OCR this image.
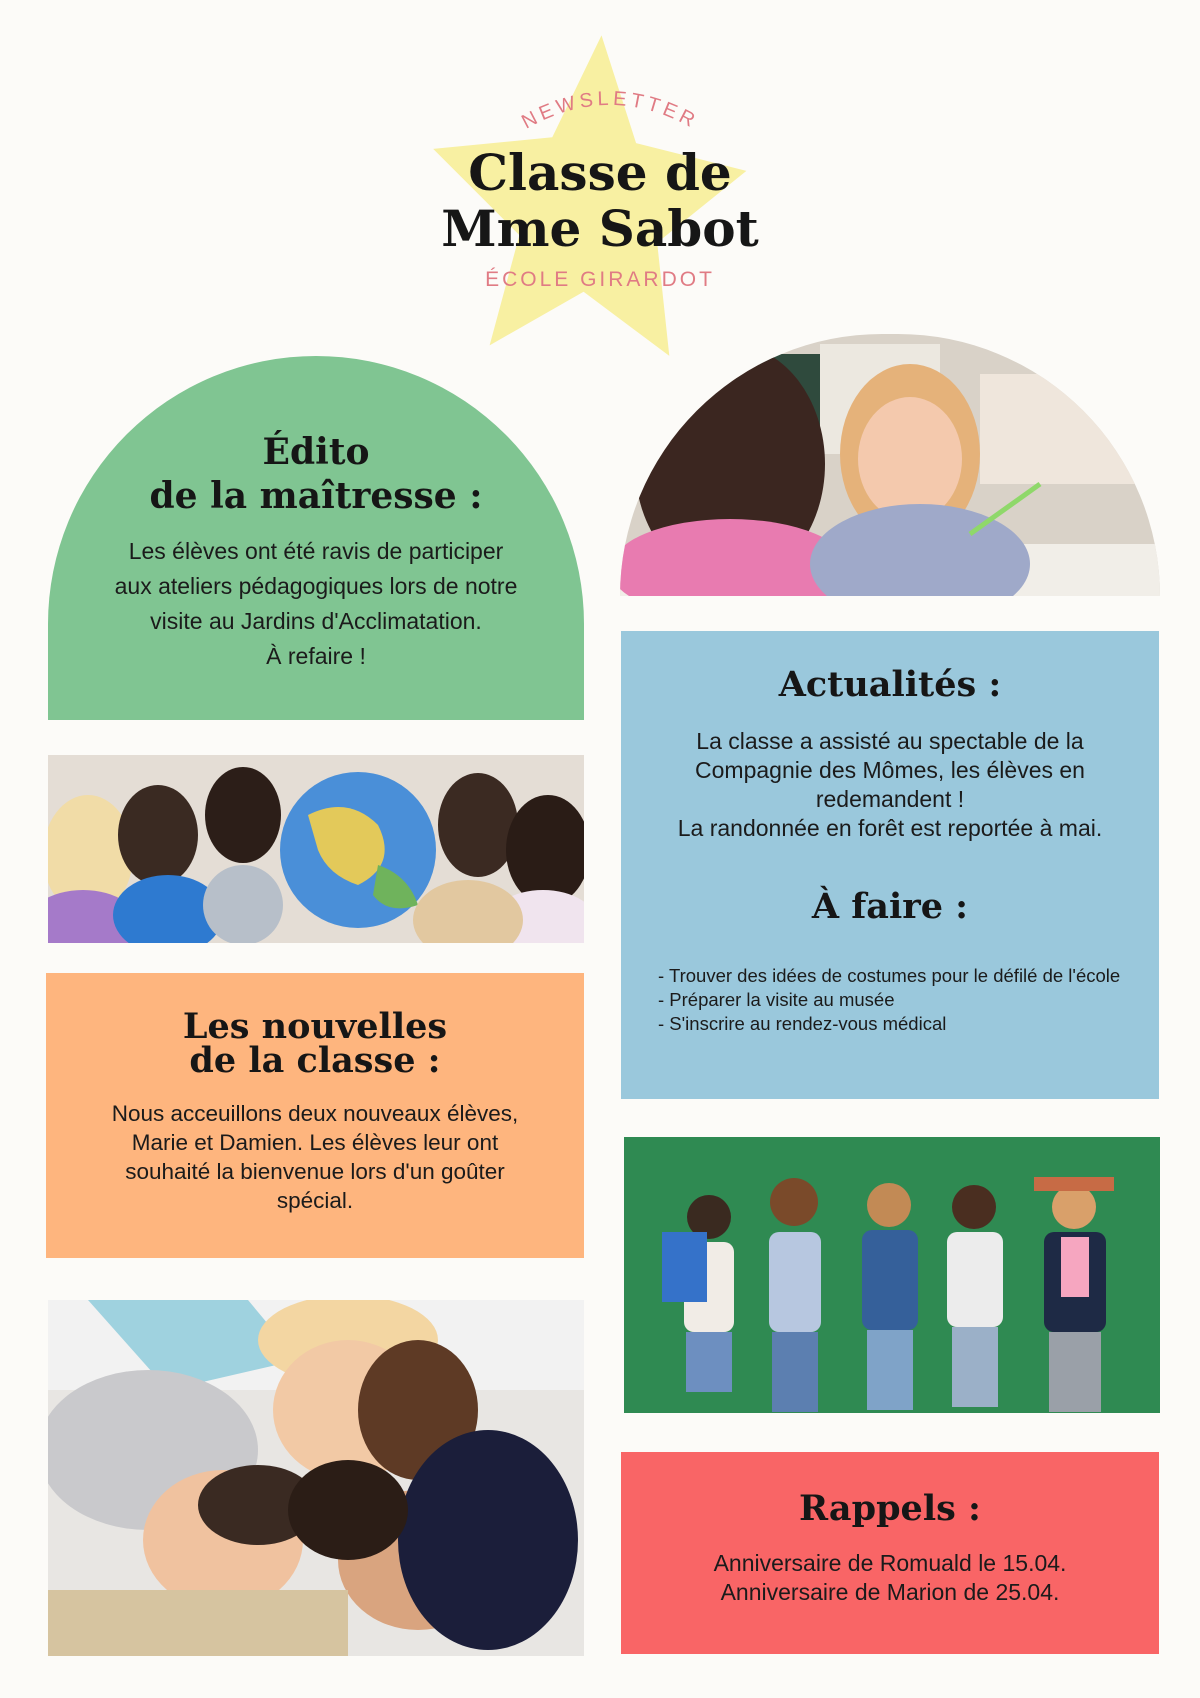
NEWSLETTER
Classe de
Mme Sabot
ÉCOLE GIRARDOT
Édito
de la maîtresse :

Les élèves ont été ravis de participer
aux ateliers pédagogiques lors de notre
visite au Jardins d'Acclimatation.
À refaire !

Actualités :

La classe a assisté au spectable de la
Compagnie des Mômes, les élèves en
redemandent !
La randonnée en forêt est reportée à mai.

À faire :
- Trouver des idées de costumes pour le défilé de l'école
- Préparer la visite au musée
- S'inscrire au rendez-vous médical
Les nouvelles
de la classe :

Nous acceuillons deux nouveaux élèves,
Marie et Damien. Les élèves leur ont
souhaité la bienvenue lors d'un goûter
spécial.

Rappels :

Anniversaire de Romuald le 15.04.
Anniversaire de Marion de 25.04.
